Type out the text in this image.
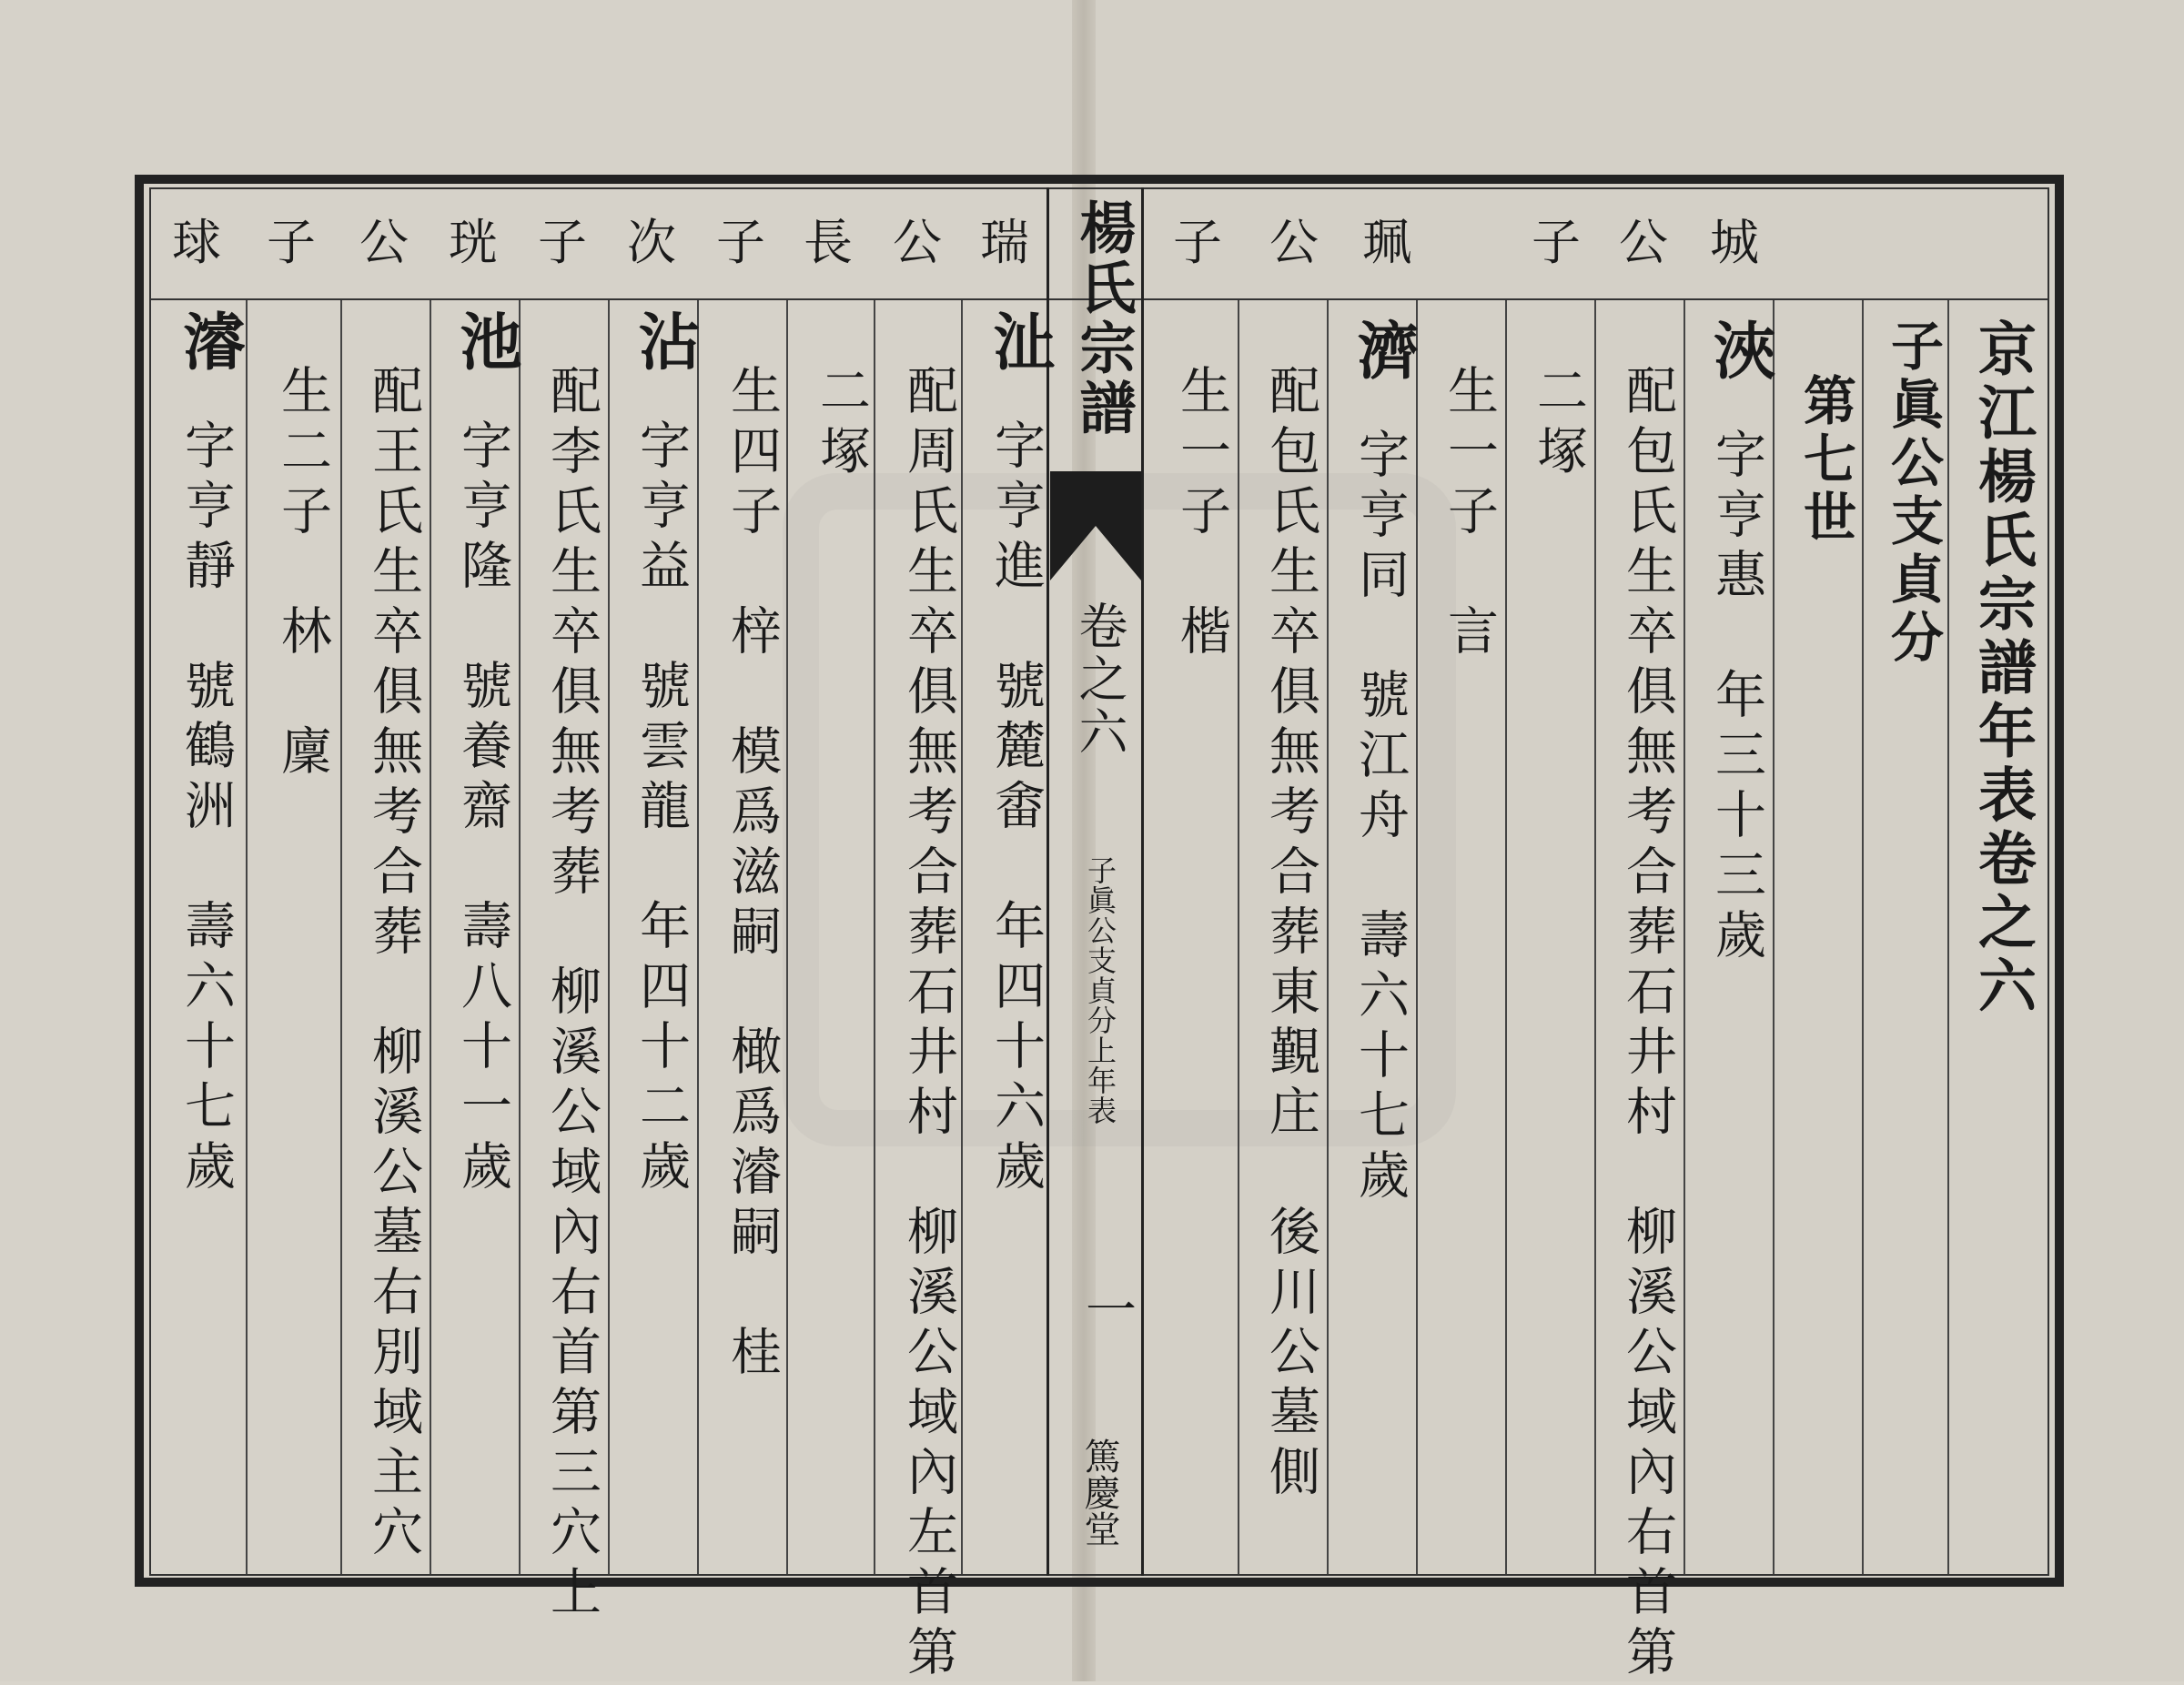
楊氏宗譜
卷之六
子眞公支貞分上年表
一
篤慶堂
京江楊氏宗譜年表卷之六
子眞公支貞分
第七世
城
公
子
珮
公
子
浹
字亨惠　年三十三歲
配包氏生卒俱無考合葬石井村　柳溪公域內右首第
二塚
生一子　言
濟
字亨同　號江舟　壽六十七歲
配包氏生卒俱無考合葬東覲庄　後川公墓側
生一子　楷
瑞
公
長
子
次
子
珖
公
子
球
沚
字亨進　號麓畬　年四十六歲
配周氏生卒俱無考合葬石井村　柳溪公域內左首第
二塚
生四子　梓　模爲滋嗣　橄爲濬嗣　桂
沾
字亨益　號雲龍　年四十二歲
配李氏生卒俱無考葬　柳溪公域內右首第三穴上
池
字亨隆　號養齋　壽八十一歲
配王氏生卒俱無考合葬　柳溪公墓右別域主穴
生二子　林　廩
濬
字亨靜　號鶴洲　壽六十七歲
